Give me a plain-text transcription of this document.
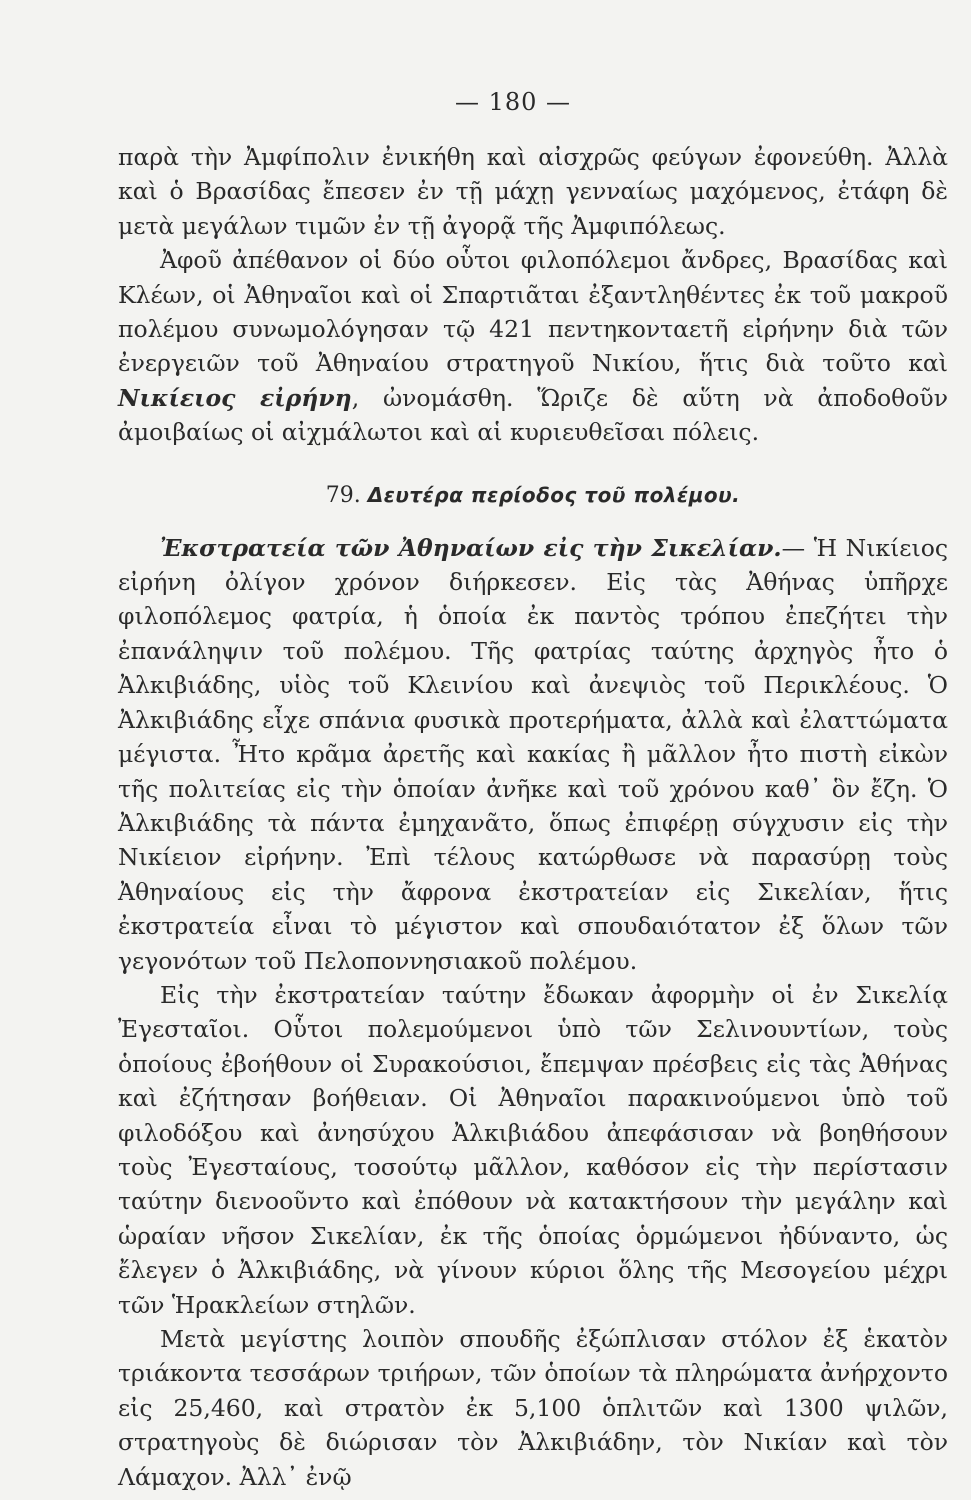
— 180 —

παρὰ τὴν Ἀμφίπολιν ἐνικήθη καὶ αἰσχρῶς φεύγων ἐφονεύθη. Ἀλλὰ καὶ ὁ Βρασίδας ἔπεσεν ἐν τῇ μάχῃ γενναίως μαχόμενος, ἐτάφη δὲ μετὰ μεγάλων τιμῶν ἐν τῇ ἀγορᾷ τῆς Ἀμφιπόλεως.

Ἀφοῦ ἀπέθανον οἱ δύο οὗτοι φιλοπόλεμοι ἄνδρες, Βρασίδας καὶ Κλέων, οἱ Ἀθηναῖοι καὶ οἱ Σπαρτιᾶται ἐξαντληθέντες ἐκ τοῦ μακροῦ πολέμου συνωμολόγησαν τῷ 421 πεντηκονταετῆ εἰρήνην διὰ τῶν ἐνεργειῶν τοῦ Ἀθηναίου στρατηγοῦ Νικίου, ἥτις διὰ τοῦτο καὶ Νικίειος εἰρήνη, ὠνομάσθη. Ὥριζε δὲ αὕτη νὰ ἀποδοθοῦν ἀμοιβαίως οἱ αἰχμάλωτοι καὶ αἱ κυριευθεῖσαι πόλεις.

79. Δευτέρα περίοδος τοῦ πολέμου.

Ἐκστρατεία τῶν Ἀθηναίων εἰς τὴν Σικελίαν.— Ἡ Νικίειος εἰρήνη ὀλίγον χρόνον διήρκεσεν. Εἰς τὰς Ἀθήνας ὑπῆρχε φιλοπόλεμος φατρία, ἡ ὁποία ἐκ παντὸς τρόπου ἐπεζήτει τὴν ἐπανάληψιν τοῦ πολέμου. Τῆς φατρίας ταύτης ἀρχηγὸς ἦτο ὁ Ἀλκιβιάδης, υἱὸς τοῦ Κλεινίου καὶ ἀνεψιὸς τοῦ Περικλέους. Ὁ Ἀλκιβιάδης εἶχε σπάνια φυσικὰ προτερήματα, ἀλλὰ καὶ ἐλαττώματα μέγιστα. Ἦτο κρᾶμα ἀρετῆς καὶ κακίας ἢ μᾶλλον ἦτο πιστὴ εἰκὼν τῆς πολιτείας εἰς τὴν ὁποίαν ἀνῆκε καὶ τοῦ χρόνου καθ᾽ ὃν ἔζη. Ὁ Ἀλκιβιάδης τὰ πάντα ἐμηχανᾶτο, ὅπως ἐπιφέρῃ σύγχυσιν εἰς τὴν Νικίειον εἰρήνην. Ἐπὶ τέλους κατώρθωσε νὰ παρασύρῃ τοὺς Ἀθηναίους εἰς τὴν ἄφρονα ἐκστρατείαν εἰς Σικελίαν, ἥτις ἐκστρατεία εἶναι τὸ μέγιστον καὶ σπουδαιότατον ἐξ ὅλων τῶν γεγονότων τοῦ Πελοποννησιακοῦ πολέμου.

Εἰς τὴν ἐκστρατείαν ταύτην ἔδωκαν ἀφορμὴν οἱ ἐν Σικελίᾳ Ἐγεσταῖοι. Οὗτοι πολεμούμενοι ὑπὸ τῶν Σελινουντίων, τοὺς ὁποίους ἐβοήθουν οἱ Συρακούσιοι, ἔπεμψαν πρέσβεις εἰς τὰς Ἀθήνας καὶ ἐζήτησαν βοήθειαν. Οἱ Ἀθηναῖοι παρακινούμενοι ὑπὸ τοῦ φιλοδόξου καὶ ἀνησύχου Ἀλκιβιάδου ἀπεφάσισαν νὰ βοηθήσουν τοὺς Ἐγεσταίους, τοσούτῳ μᾶλλον, καθόσον εἰς τὴν περίστασιν ταύτην διενοοῦντο καὶ ἐπόθουν νὰ κατακτήσουν τὴν μεγάλην καὶ ὡραίαν νῆσον Σικελίαν, ἐκ τῆς ὁποίας ὁρμώμενοι ἠδύναντο, ὡς ἔλεγεν ὁ Ἀλκιβιάδης, νὰ γίνουν κύριοι ὅλης τῆς Μεσογείου μέχρι τῶν Ἡρακλείων στηλῶν.

Μετὰ μεγίστης λοιπὸν σπουδῆς ἐξώπλισαν στόλον ἐξ ἑκατὸν τριάκοντα τεσσάρων τριήρων, τῶν ὁποίων τὰ πληρώματα ἀνήρχοντο εἰς 25,460, καὶ στρατὸν ἐκ 5,100 ὁπλιτῶν καὶ 1300 ψιλῶν, στρατηγοὺς δὲ διώρισαν τὸν Ἀλκιβιάδην, τὸν Νικίαν καὶ τὸν Λάμαχον. Ἀλλ᾽ ἐνῷ
